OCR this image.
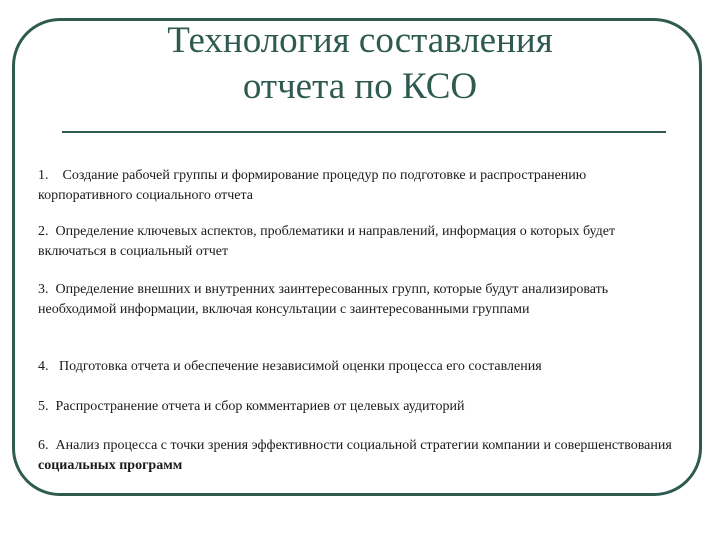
Технология составления
отчета по КСО

1. Создание рабочей группы и формирование процедур по подготовке и распространению корпоративного социального отчета

2. Определение ключевых аспектов, проблематики и направлений, информация о которых будет включаться в социальный отчет

3. Определение внешних и внутренних заинтересованных групп, которые будут анализировать необходимой информации, включая консультации с заинтересованными группами

4. Подготовка отчета и обеспечение независимой оценки процесса его составления

5. Распространение отчета и сбор комментариев от целевых аудиторий

6. Анализ процесса с точки зрения эффективности социальной стратегии компании и совершенствования социальных программ
